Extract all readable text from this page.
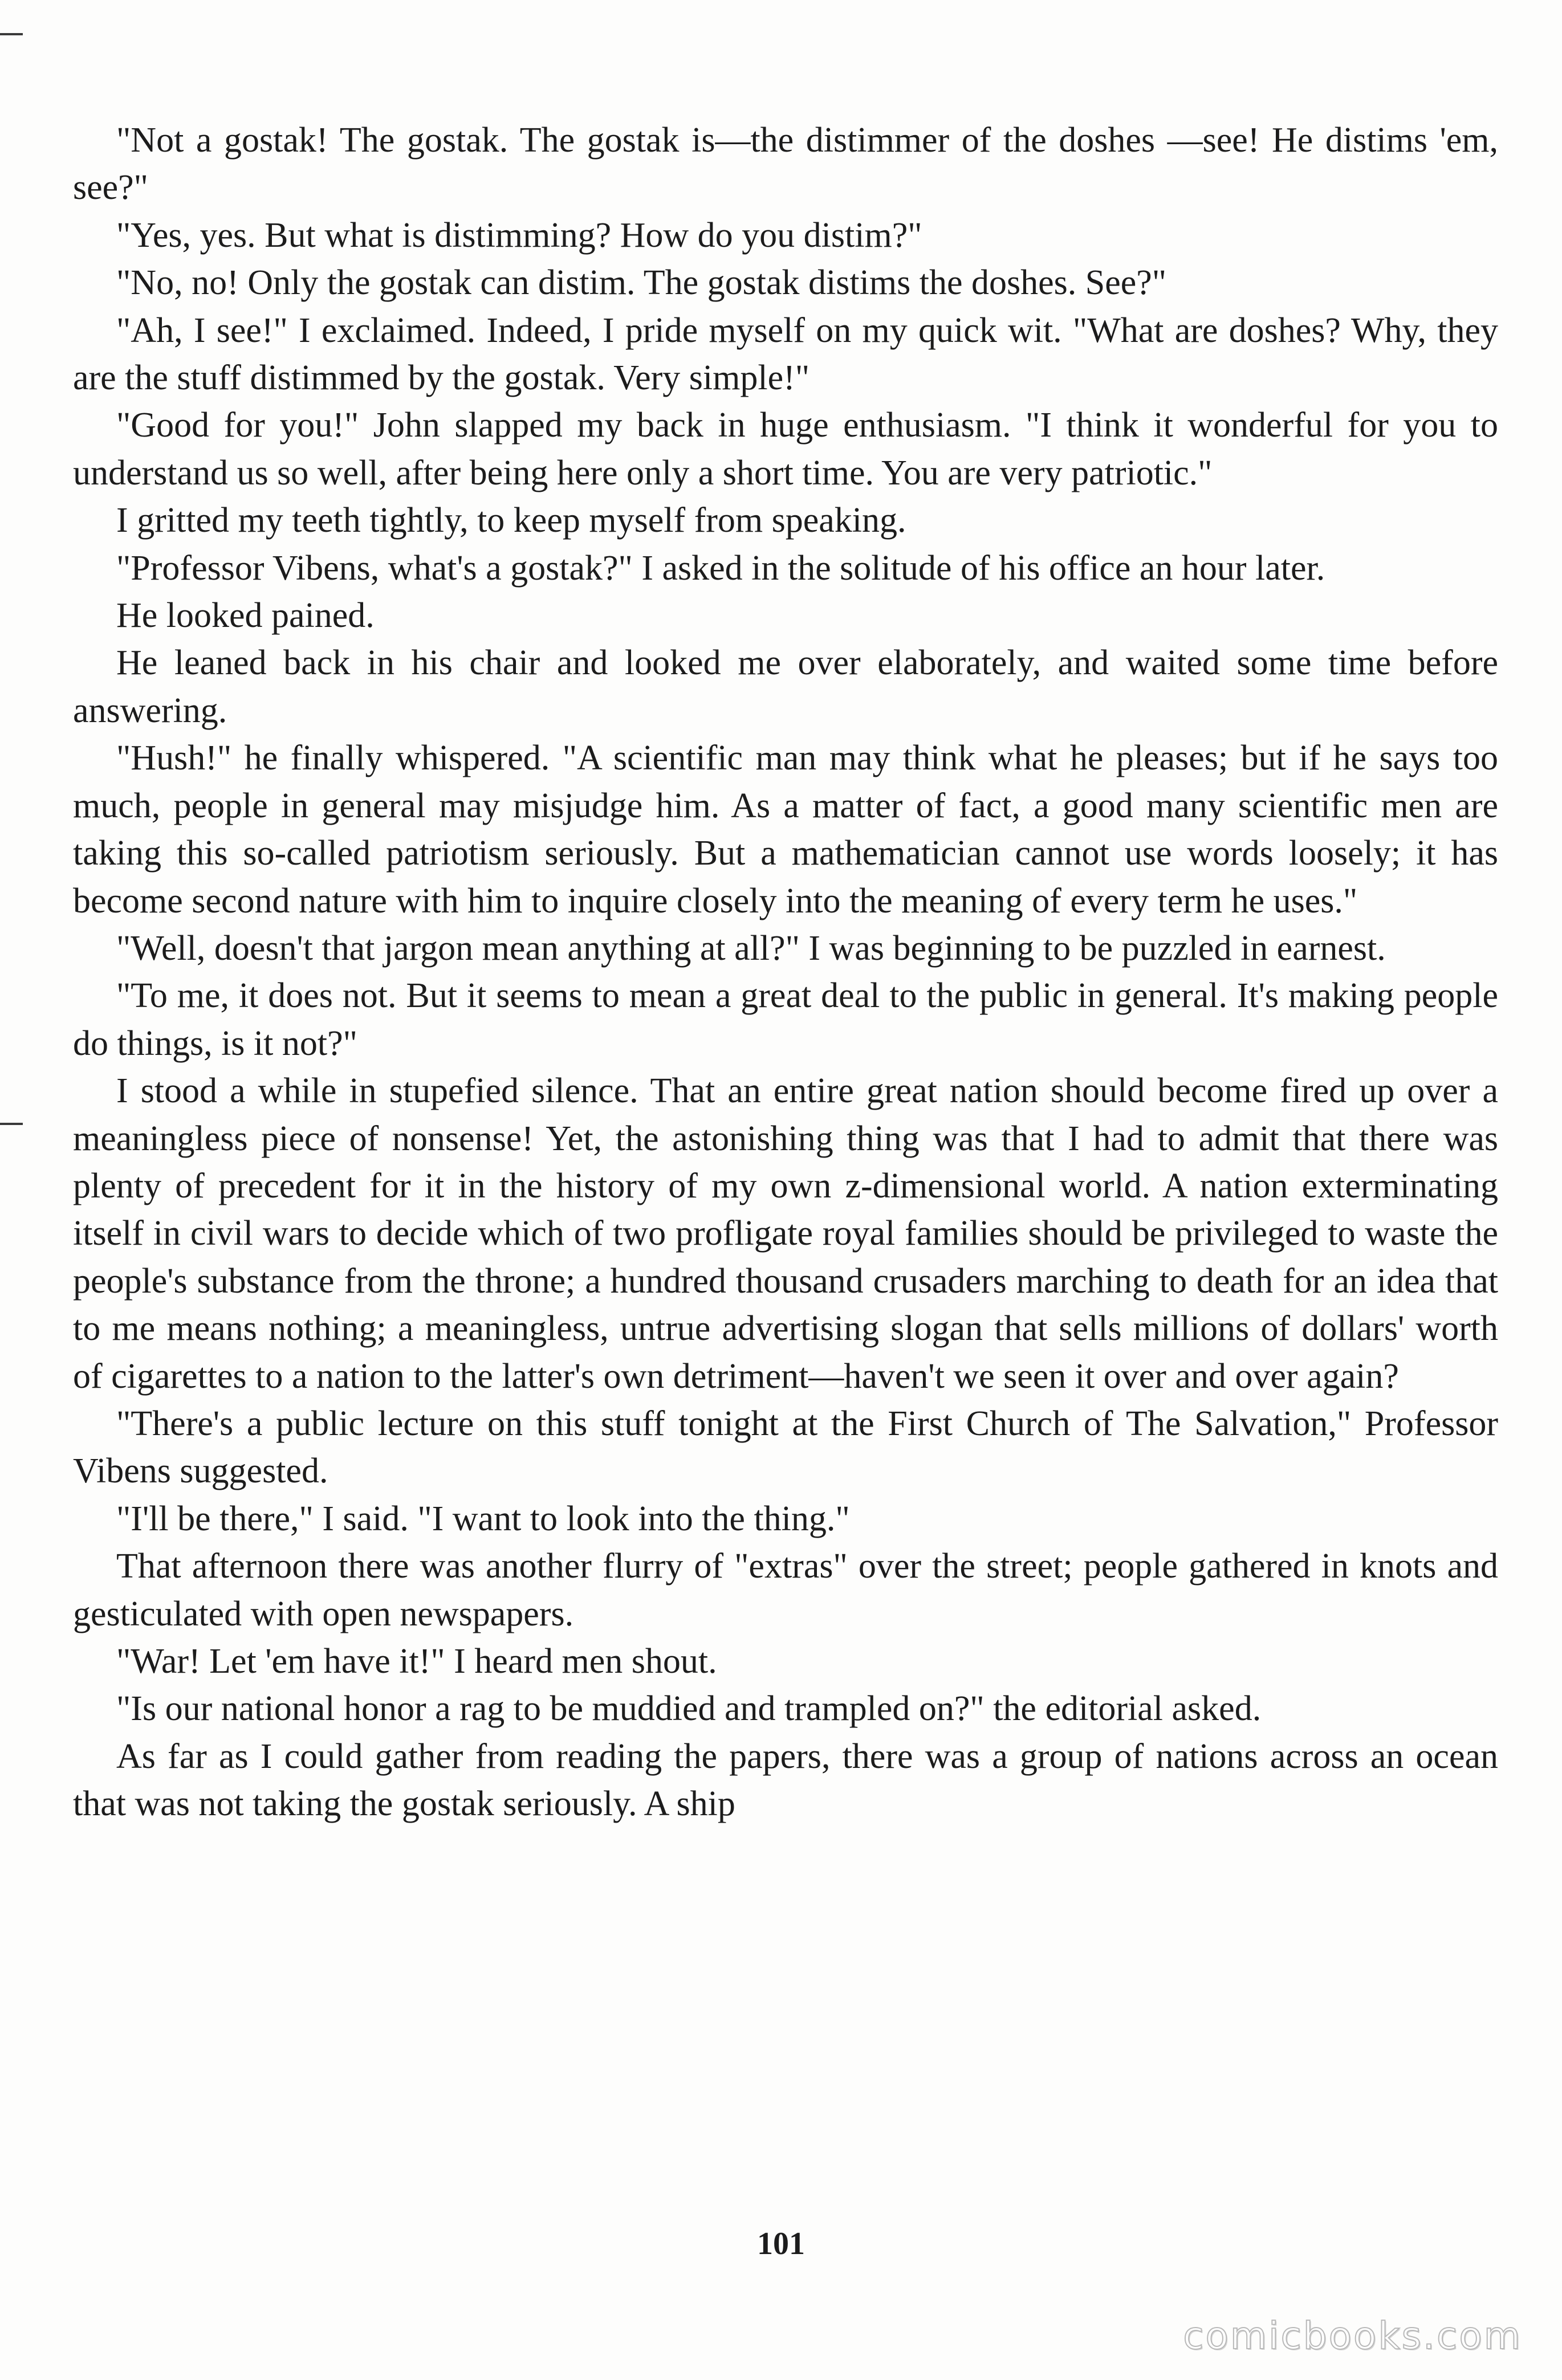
"Not a gostak! The gostak. The gostak is—the distimmer of the doshes —see! He distims 'em, see?"

"Yes, yes. But what is distimming? How do you distim?"

"No, no! Only the gostak can distim. The gostak distims the doshes. See?"

"Ah, I see!" I exclaimed. Indeed, I pride myself on my quick wit. "What are doshes? Why, they are the stuff distimmed by the gostak. Very simple!"

"Good for you!" John slapped my back in huge enthusiasm. "I think it wonderful for you to understand us so well, after being here only a short time. You are very patriotic."

I gritted my teeth tightly, to keep myself from speaking.

"Professor Vibens, what's a gostak?" I asked in the solitude of his office an hour later.

He looked pained.

He leaned back in his chair and looked me over elaborately, and waited some time before answering.

"Hush!" he finally whispered. "A scientific man may think what he pleases; but if he says too much, people in general may misjudge him. As a matter of fact, a good many scientific men are taking this so-called patriotism seriously. But a mathematician cannot use words loosely; it has become second nature with him to inquire closely into the meaning of every term he uses."

"Well, doesn't that jargon mean anything at all?" I was beginning to be puzzled in earnest.

"To me, it does not. But it seems to mean a great deal to the public in general. It's making people do things, is it not?"

I stood a while in stupefied silence. That an entire great nation should become fired up over a meaningless piece of nonsense! Yet, the astonishing thing was that I had to admit that there was plenty of precedent for it in the history of my own z-dimensional world. A nation exterminating itself in civil wars to decide which of two profligate royal families should be privileged to waste the people's substance from the throne; a hundred thousand crusaders marching to death for an idea that to me means nothing; a meaningless, untrue advertising slogan that sells millions of dollars' worth of cigarettes to a nation to the latter's own detriment—haven't we seen it over and over again?

"There's a public lecture on this stuff tonight at the First Church of The Salvation," Professor Vibens suggested.

"I'll be there," I said. "I want to look into the thing."

That afternoon there was another flurry of "extras" over the street; people gathered in knots and gesticulated with open newspapers.

"War! Let 'em have it!" I heard men shout.

"Is our national honor a rag to be muddied and trampled on?" the editorial asked.

As far as I could gather from reading the papers, there was a group of nations across an ocean that was not taking the gostak seriously. A ship

101
comicbooks.com
